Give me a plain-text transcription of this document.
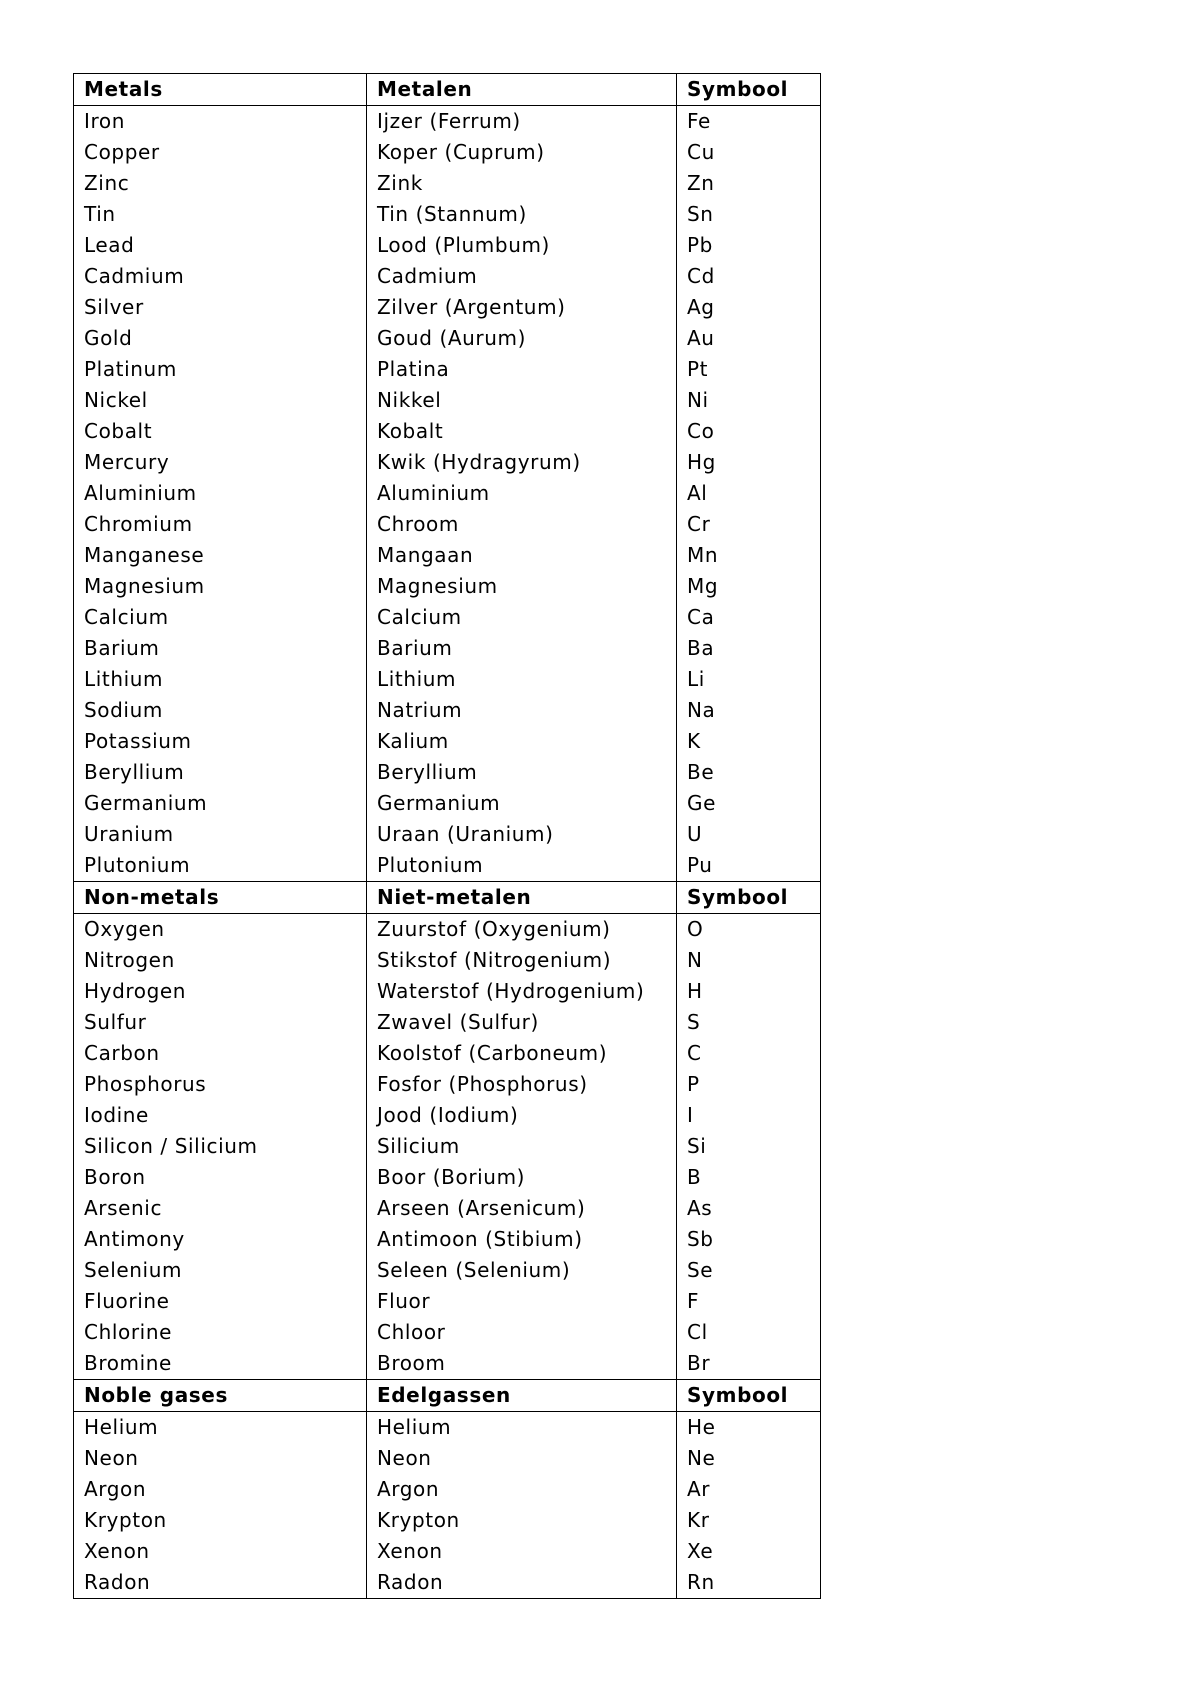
Metals	Metalen	Symbool
Iron	Ijzer (Ferrum)	Fe
Copper	Koper (Cuprum)	Cu
Zinc	Zink	Zn
Tin	Tin (Stannum)	Sn
Lead	Lood (Plumbum)	Pb
Cadmium	Cadmium	Cd
Silver	Zilver (Argentum)	Ag
Gold	Goud (Aurum)	Au
Platinum	Platina	Pt
Nickel	Nikkel	Ni
Cobalt	Kobalt	Co
Mercury	Kwik (Hydragyrum)	Hg
Aluminium	Aluminium	Al
Chromium	Chroom	Cr
Manganese	Mangaan	Mn
Magnesium	Magnesium	Mg
Calcium	Calcium	Ca
Barium	Barium	Ba
Lithium	Lithium	Li
Sodium	Natrium	Na
Potassium	Kalium	K
Beryllium	Beryllium	Be
Germanium	Germanium	Ge
Uranium	Uraan (Uranium)	U
Plutonium	Plutonium	Pu
Non-metals	Niet-metalen	Symbool
Oxygen	Zuurstof (Oxygenium)	O
Nitrogen	Stikstof (Nitrogenium)	N
Hydrogen	Waterstof (Hydrogenium)	H
Sulfur	Zwavel (Sulfur)	S
Carbon	Koolstof (Carboneum)	C
Phosphorus	Fosfor (Phosphorus)	P
Iodine	Jood (Iodium)	I
Silicon / Silicium	Silicium	Si
Boron	Boor (Borium)	B
Arsenic	Arseen (Arsenicum)	As
Antimony	Antimoon (Stibium)	Sb
Selenium	Seleen (Selenium)	Se
Fluorine	Fluor	F
Chlorine	Chloor	Cl
Bromine	Broom	Br
Noble gases	Edelgassen	Symbool
Helium	Helium	He
Neon	Neon	Ne
Argon	Argon	Ar
Krypton	Krypton	Kr
Xenon	Xenon	Xe
Radon	Radon	Rn
